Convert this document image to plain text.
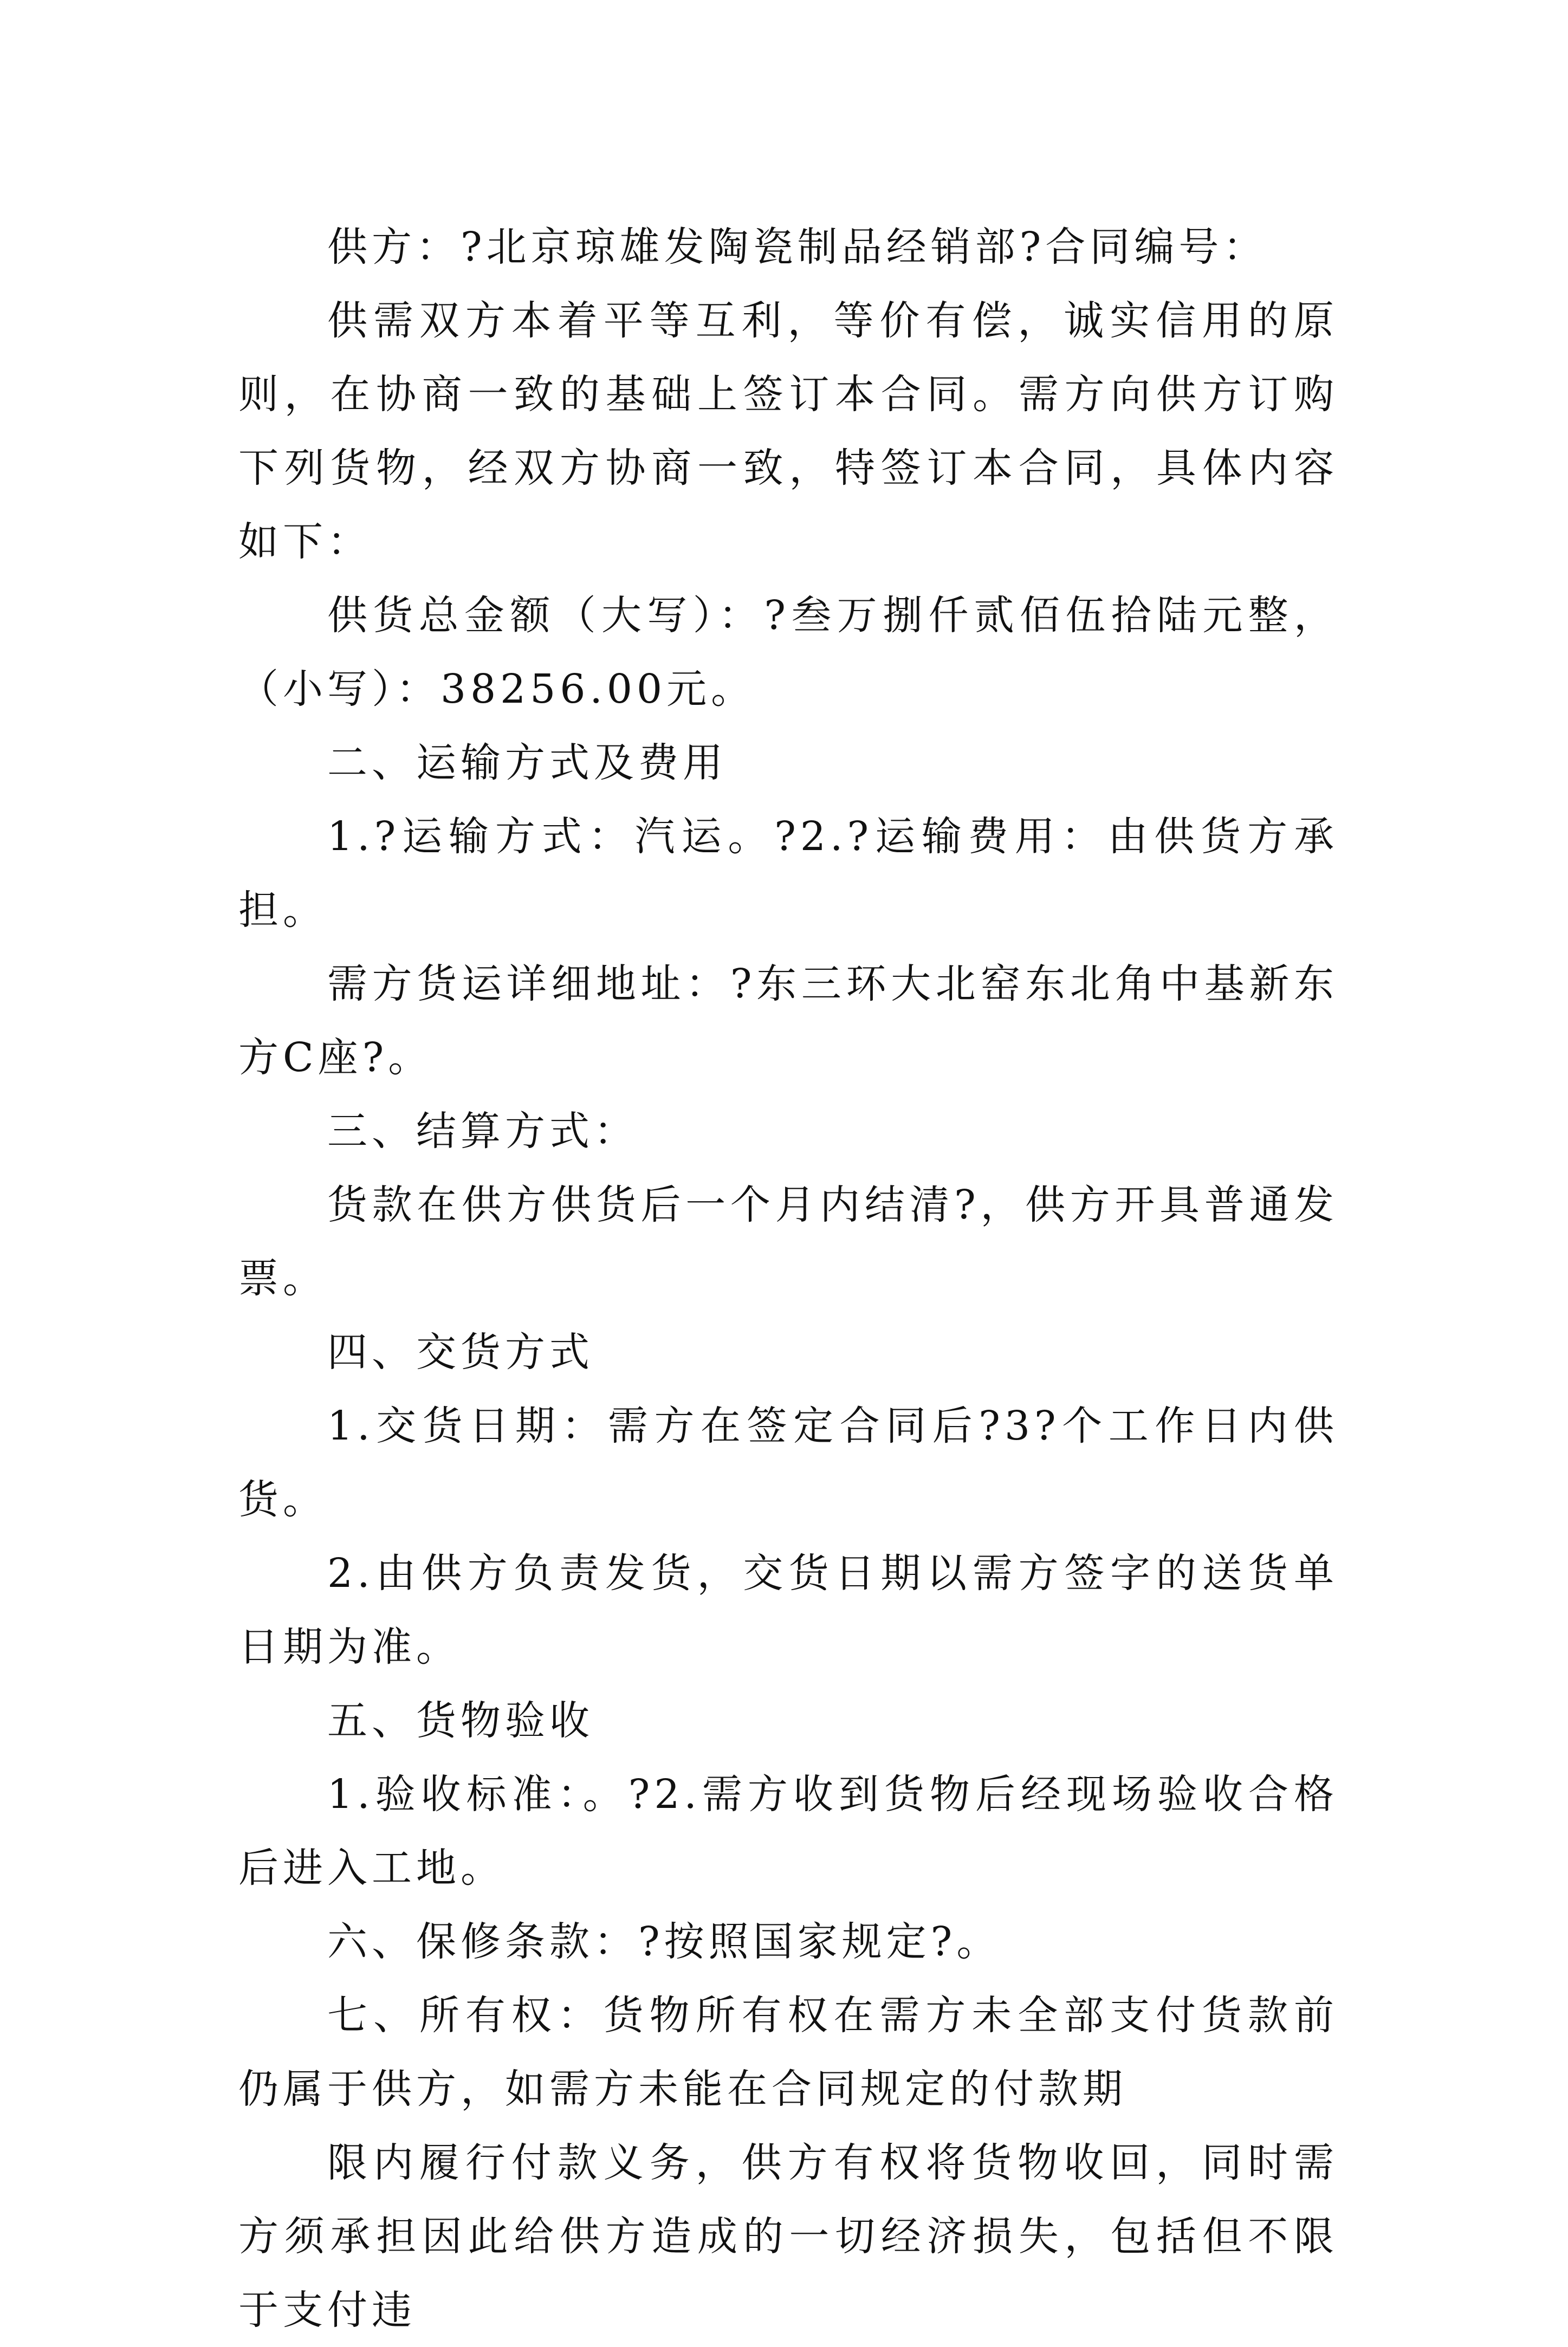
供方：?北京琼雄发陶瓷制品经销部?合同编号：

供需双方本着平等互利，等价有偿，诚实信用的原则，在协商一致的基础上签订本合同。需方向供方订购下列货物，经双方协商一致，特签订本合同，具体内容如下：

供货总金额（大写）：?叁万捌仟贰佰伍拾陆元整，（小写）：38256.00元。

二、运输方式及费用

1.?运输方式：汽运。?2.?运输费用：由供货方承担。

需方货运详细地址：?东三环大北窑东北角中基新东方C座?。

三、结算方式：

货款在供方供货后一个月内结清?，供方开具普通发票。

四、交货方式

1.交货日期：需方在签定合同后?3?个工作日内供货。

2.由供方负责发货，交货日期以需方签字的送货单日期为准。

五、货物验收

1.验收标准：。?2.需方收到货物后经现场验收合格后进入工地。

六、保修条款：?按照国家规定?。

七、所有权：货物所有权在需方未全部支付货款前仍属于供方，如需方未能在合同规定的付款期

限内履行付款义务，供方有权将货物收回，同时需方须承担因此给供方造成的一切经济损失，包括但不限于支付违
